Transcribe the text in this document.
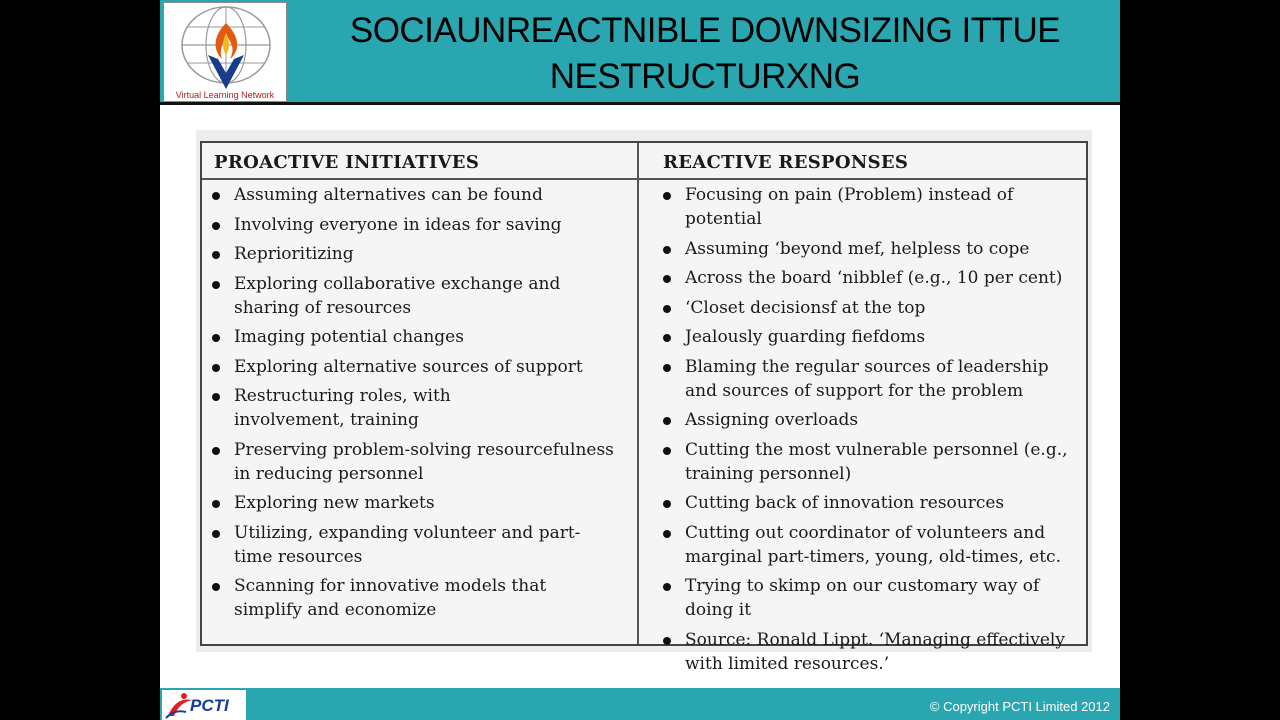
Virtual Learning Network
SOCIAUNREACTNIBLE DOWNSIZING ITTUE
NESTRUCTURXNG
PROACTIVE INITIATIVES	REACTIVE RESPONSES
Assuming alternatives can be found
Involving everyone in ideas for saving
Reprioritizing
Exploring collaborative exchange and sharing of resources
Imaging potential changes
Exploring alternative sources of support
Restructuring roles, with involvement, training
Preserving problem-solving resourcefulness in reducing personnel
Exploring new markets
Utilizing, expanding volunteer and part-time resources
Scanning for innovative models that simplify and economize
Focusing on pain (Problem) instead of potential
Assuming ‘beyond mef, helpless to cope
Across the board ‘nibblef (e.g., 10 per cent)
‘Closet decisionsf at the top
Jealously guarding fiefdoms
Blaming the regular sources of leadership and sources of support for the problem
Assigning overloads
Cutting the most vulnerable personnel (e.g., training personnel)
Cutting back of innovation resources
Cutting out coordinator of volunteers and marginal part-timers, young, old-times, etc.
Trying to skimp on our customary way of doing it
Source: Ronald Lippt. ‘Managing effectively with limited resources.’
PCTI	© Copyright PCTI Limited 2012
